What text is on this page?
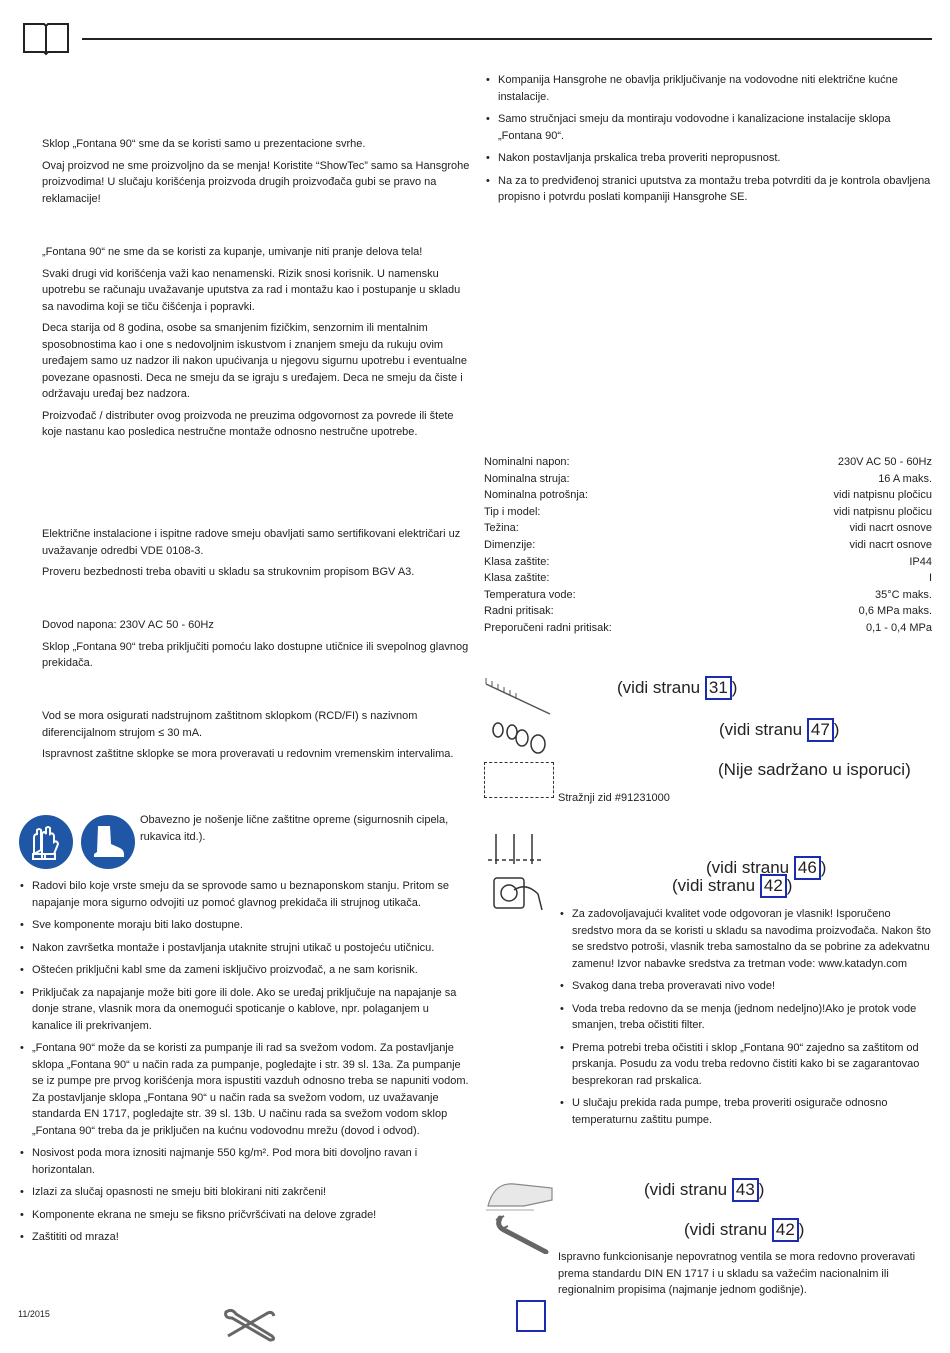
Sklop „Fontana 90“ sme da se koristi samo u prezentacione svrhe.

Ovaj proizvod ne sme proizvoljno da se menja! Koristite “ShowTec” samo sa Hansgrohe proizvodima! U slučaju korišćenja proizvoda drugih proizvođača gubi se pravo na reklamacije!

„Fontana 90“ ne sme da se koristi za kupanje, umivanje niti pranje delova tela!

Svaki drugi vid korišćenja važi kao nenamenski. Rizik snosi korisnik. U namensku upotrebu se računaju uvažavanje uputstva za rad i montažu kao i postupanje u skladu sa navodima koji se tiču čišćenja i popravki.

Deca starija od 8 godina, osobe sa smanjenim fizičkim, senzornim ili mentalnim sposobnostima kao i one s nedovoljnim iskustvom i znanjem smeju da rukuju ovim uređajem samo uz nadzor ili nakon upućivanja u njegovu sigurnu upotrebu i eventualne povezane opasnosti. Deca ne smeju da se igraju s uređajem. Deca ne smeju da čiste i održavaju uređaj bez nadzora.

Proizvođač / distributer ovog proizvoda ne preuzima odgovornost za povrede ili štete koje nastanu kao posledica nestručne montaže odnosno nestručne upotrebe.

Električne instalacione i ispitne radove smeju obavljati samo sertifikovani električari uz uvažavanje odredbi VDE 0108-3.

Proveru bezbednosti treba obaviti u skladu sa strukovnim propisom BGV A3.

Dovod napona: 230V AC 50 - 60Hz

Sklop „Fontana 90“ treba priključiti pomoću lako dostupne utičnice ili svepolnog glavnog prekidača.

Vod se mora osigurati nadstrujnom zaštitnom sklopkom (RCD/FI) s nazivnom diferencijalnom strujom ≤ 30 mA.

Ispravnost zaštitne sklopke se mora proveravati u redovnim vremenskim intervalima.

Obavezno je nošenje lične zaštitne opreme (sigurnosnih cipela, rukavica itd.).
• Radovi bilo koje vrste smeju da se sprovode samo u beznaponskom stanju. Pritom se napajanje mora sigurno odvojiti uz pomoć glavnog prekidača ili strujnog utikača.
• Sve komponente moraju biti lako dostupne.
• Nakon završetka montaže i postavljanja utaknite strujni utikač u postojeću utičnicu.
• Oštećen priključni kabl sme da zameni isključivo proizvođač, a ne sam korisnik.
• Priključak za napajanje može biti gore ili dole. Ako se uređaj priključuje na napajanje sa donje strane, vlasnik mora da onemogući spoticanje o kablove, npr. polaganjem u kanalice ili prekrivanjem.
• „Fontana 90“ može da se koristi za pumpanje ili rad sa svežom vodom. Za postavljanje sklopa „Fontana 90“ u način rada za pumpanje, pogledajte i str. 39 sl. 13a. Za pumpanje se iz pumpe pre prvog korišćenja mora ispustiti vazduh odnosno treba se napuniti vodom. Za postavljanje sklopa „Fontana 90“ u način rada sa svežom vodom, uz uvažavanje standarda EN 1717, pogledajte str. 39 sl. 13b. U načinu rada sa svežom vodom sklop „Fontana 90“ treba da je priključen na kućnu vodovodnu mrežu (dovod i odvod).
• Nosivost poda mora iznositi najmanje 550 kg/m². Pod mora biti dovoljno ravan i horizontalan.
• Izlazi za slučaj opasnosti ne smeju biti blokirani niti zakrčeni!
• Komponente ekrana ne smeju se fiksno pričvršćivati na delove zgrade!
• Zaštititi od mraza!
11/2015
• Kompanija Hansgrohe ne obavlja priključivanje na vodovodne niti električne kućne instalacije.
• Samo stručnjaci smeju da montiraju vodovodne i kanalizacione instalacije sklopa „Fontana 90“.
• Nakon postavljanja prskalica treba proveriti nepropusnost.
• Na za to predviđenoj stranici uputstva za montažu treba potvrditi da je kontrola obavljena propisno i potvrdu poslati kompaniji Hansgrohe SE.
Nominalni napon:	230V AC 50 - 60Hz
Nominalna struja:	16 A maks.
Nominalna potrošnja:	vidi natpisnu pločicu
Tip i model:	vidi natpisnu pločicu
Težina:	vidi nacrt osnove
Dimenzije:	vidi nacrt osnove
Klasa zaštite:	IP44
Klasa zaštite:	I
Temperatura vode:	35°C maks.
Radni pritisak:	0,6 MPa maks.
Preporučeni radni pritisak:	0,1 - 0,4 MPa
(vidi stranu 31 )
(vidi stranu 47 )
(Nije sadržano u isporuci)
Stražnji zid #91231000
(vidi stranu 46 )
(vidi stranu 42 )
• Za zadovoljavajući kvalitet vode odgovoran je vlasnik! Isporučeno sredstvo mora da se koristi u skladu sa navodima proizvođača. Nakon što se sredstvo potroši, vlasnik treba samostalno da se pobrine za adekvatnu zamenu! Izvor nabavke sredstva za tretman vode: www.katadyn.com
• Svakog dana treba proveravati nivo vode!
• Voda treba redovno da se menja (jednom nedeljno)!Ako je protok vode smanjen, treba očistiti filter.
• Prema potrebi treba očistiti i sklop „Fontana 90“ zajedno sa zaštitom od prskanja. Posudu za vodu treba redovno čistiti kako bi se zagarantovao besprekoran rad prskalica.
• U slučaju prekida rada pumpe, treba proveriti osigurače odnosno temperaturnu zaštitu pumpe.
(vidi stranu 43 )
(vidi stranu 42 )
Ispravno funkcionisanje nepovratnog ventila se mora redovno proveravati prema standardu DIN EN 1717 i u skladu sa važećim nacionalnim ili regionalnim propisima (najmanje jednom godišnje).
